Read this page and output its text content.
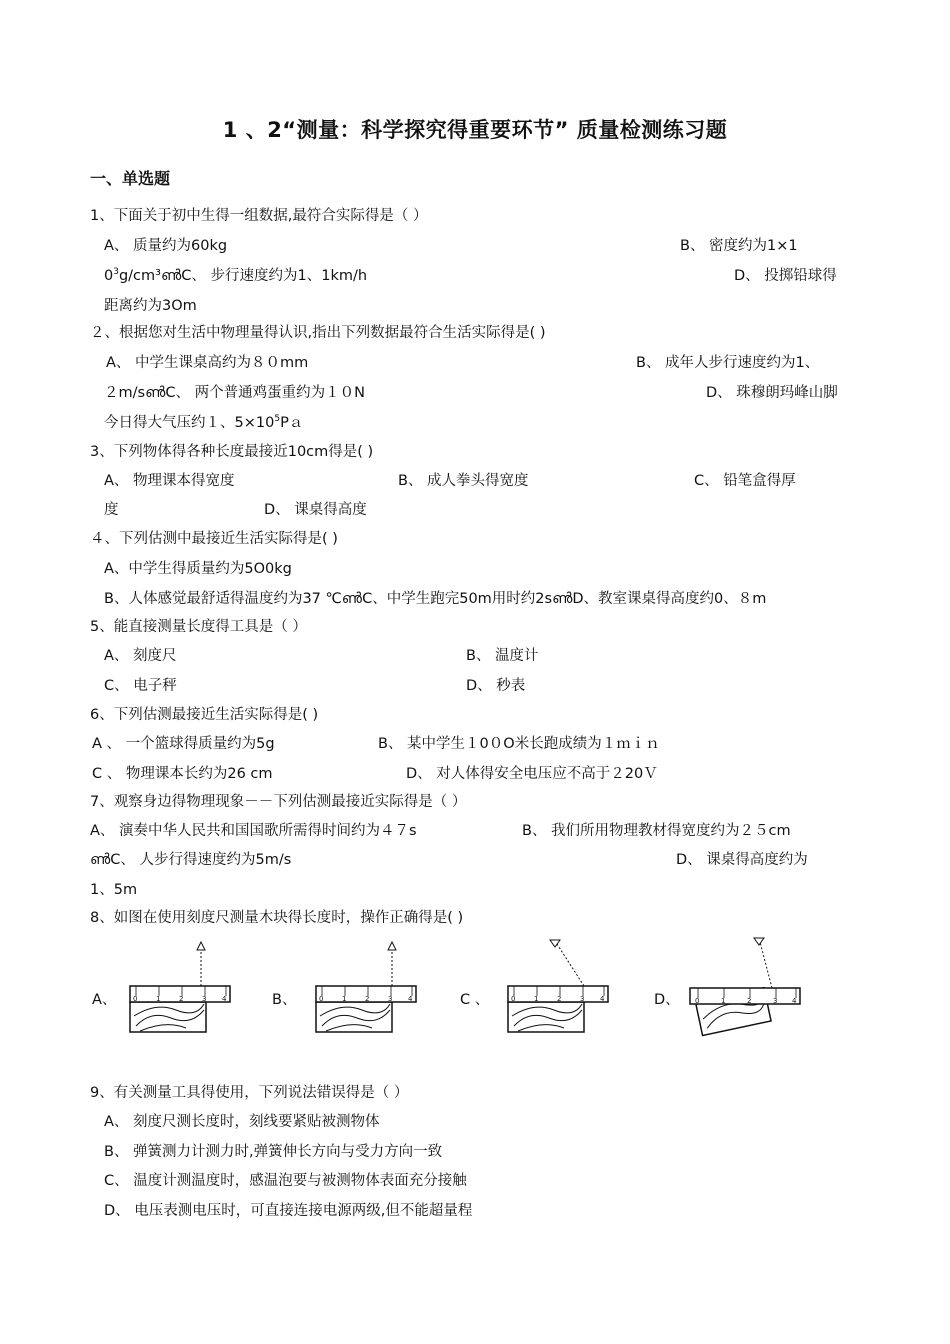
1 、2“测量：科学探究得重要环节” 质量检测练习题
一、单选题
1、下面关于初中生得一组数据,最符合实际得是（ ）
A、 质量约为60kg	B、 密度约为1×1
$0^3g$/cm³ൺC、 步行速度约为1、1km/h	D、 投掷铅球得
距离约为3Om
２、根据您对生活中物理量得认识,指出下列数据最符合生活实际得是( )
A、 中学生课桌高约为８０mm	B、 成年人步行速度约为1、
２m/sൺC、 两个普通鸡蛋重约为１０N	D、 珠穆朗玛峰山脚
今日得大气压约１、$5\times 10^5Pa$
3、下列物体得各种长度最接近10cm得是( )
A、 物理课本得宽度	B、 成人拳头得宽度	C、 铅笔盒得厚
度	D、 课桌得高度
４、下列估测中最接近生活实际得是( )
A、中学生得质量约为5O0kg
B、人体感觉最舒适得温度约为37 ℃ൺC、中学生跑完50m用时约2sൺD、教室课桌得高度约0、８m
5、能直接测量长度得工具是（ ）
A、 刻度尺	B、 温度计
C、 电子秤	D、 秒表
6、下列估测最接近生活实际得是( )
A 、 一个篮球得质量约为5g	B、 某中学生１0０O米长跑成绩为１ｍｉｎ
C 、 物理课本长约为26 cm	D、 对人体得安全电压应不高于２20Ｖ
7、观察身边得物理现象－－下列估测最接近实际得是（ ）
A、 演奏中华人民共和国国歌所需得时间约为４７s	B、 我们所用物理教材得宽度约为２５cm
ൺC、 人步行得速度约为5m/s	D、 课桌得高度约为
1、5m
8、如图在使用刻度尺测量木块得长度时，操作正确得是( )
A、	B、	C 、	D、
0	1	2	3 4	0	1	2	3 4	0	1	2	3 4	0	1	2	3 4
9、有关测量工具得使用，下列说法错误得是（ ）
A、 刻度尺测长度时，刻线要紧贴被测物体
B、 弹簧测力计测力时,弹簧伸长方向与受力方向一致
C、 温度计测温度时，感温泡要与被测物体表面充分接触
D、 电压表测电压时，可直接连接电源两级,但不能超量程
